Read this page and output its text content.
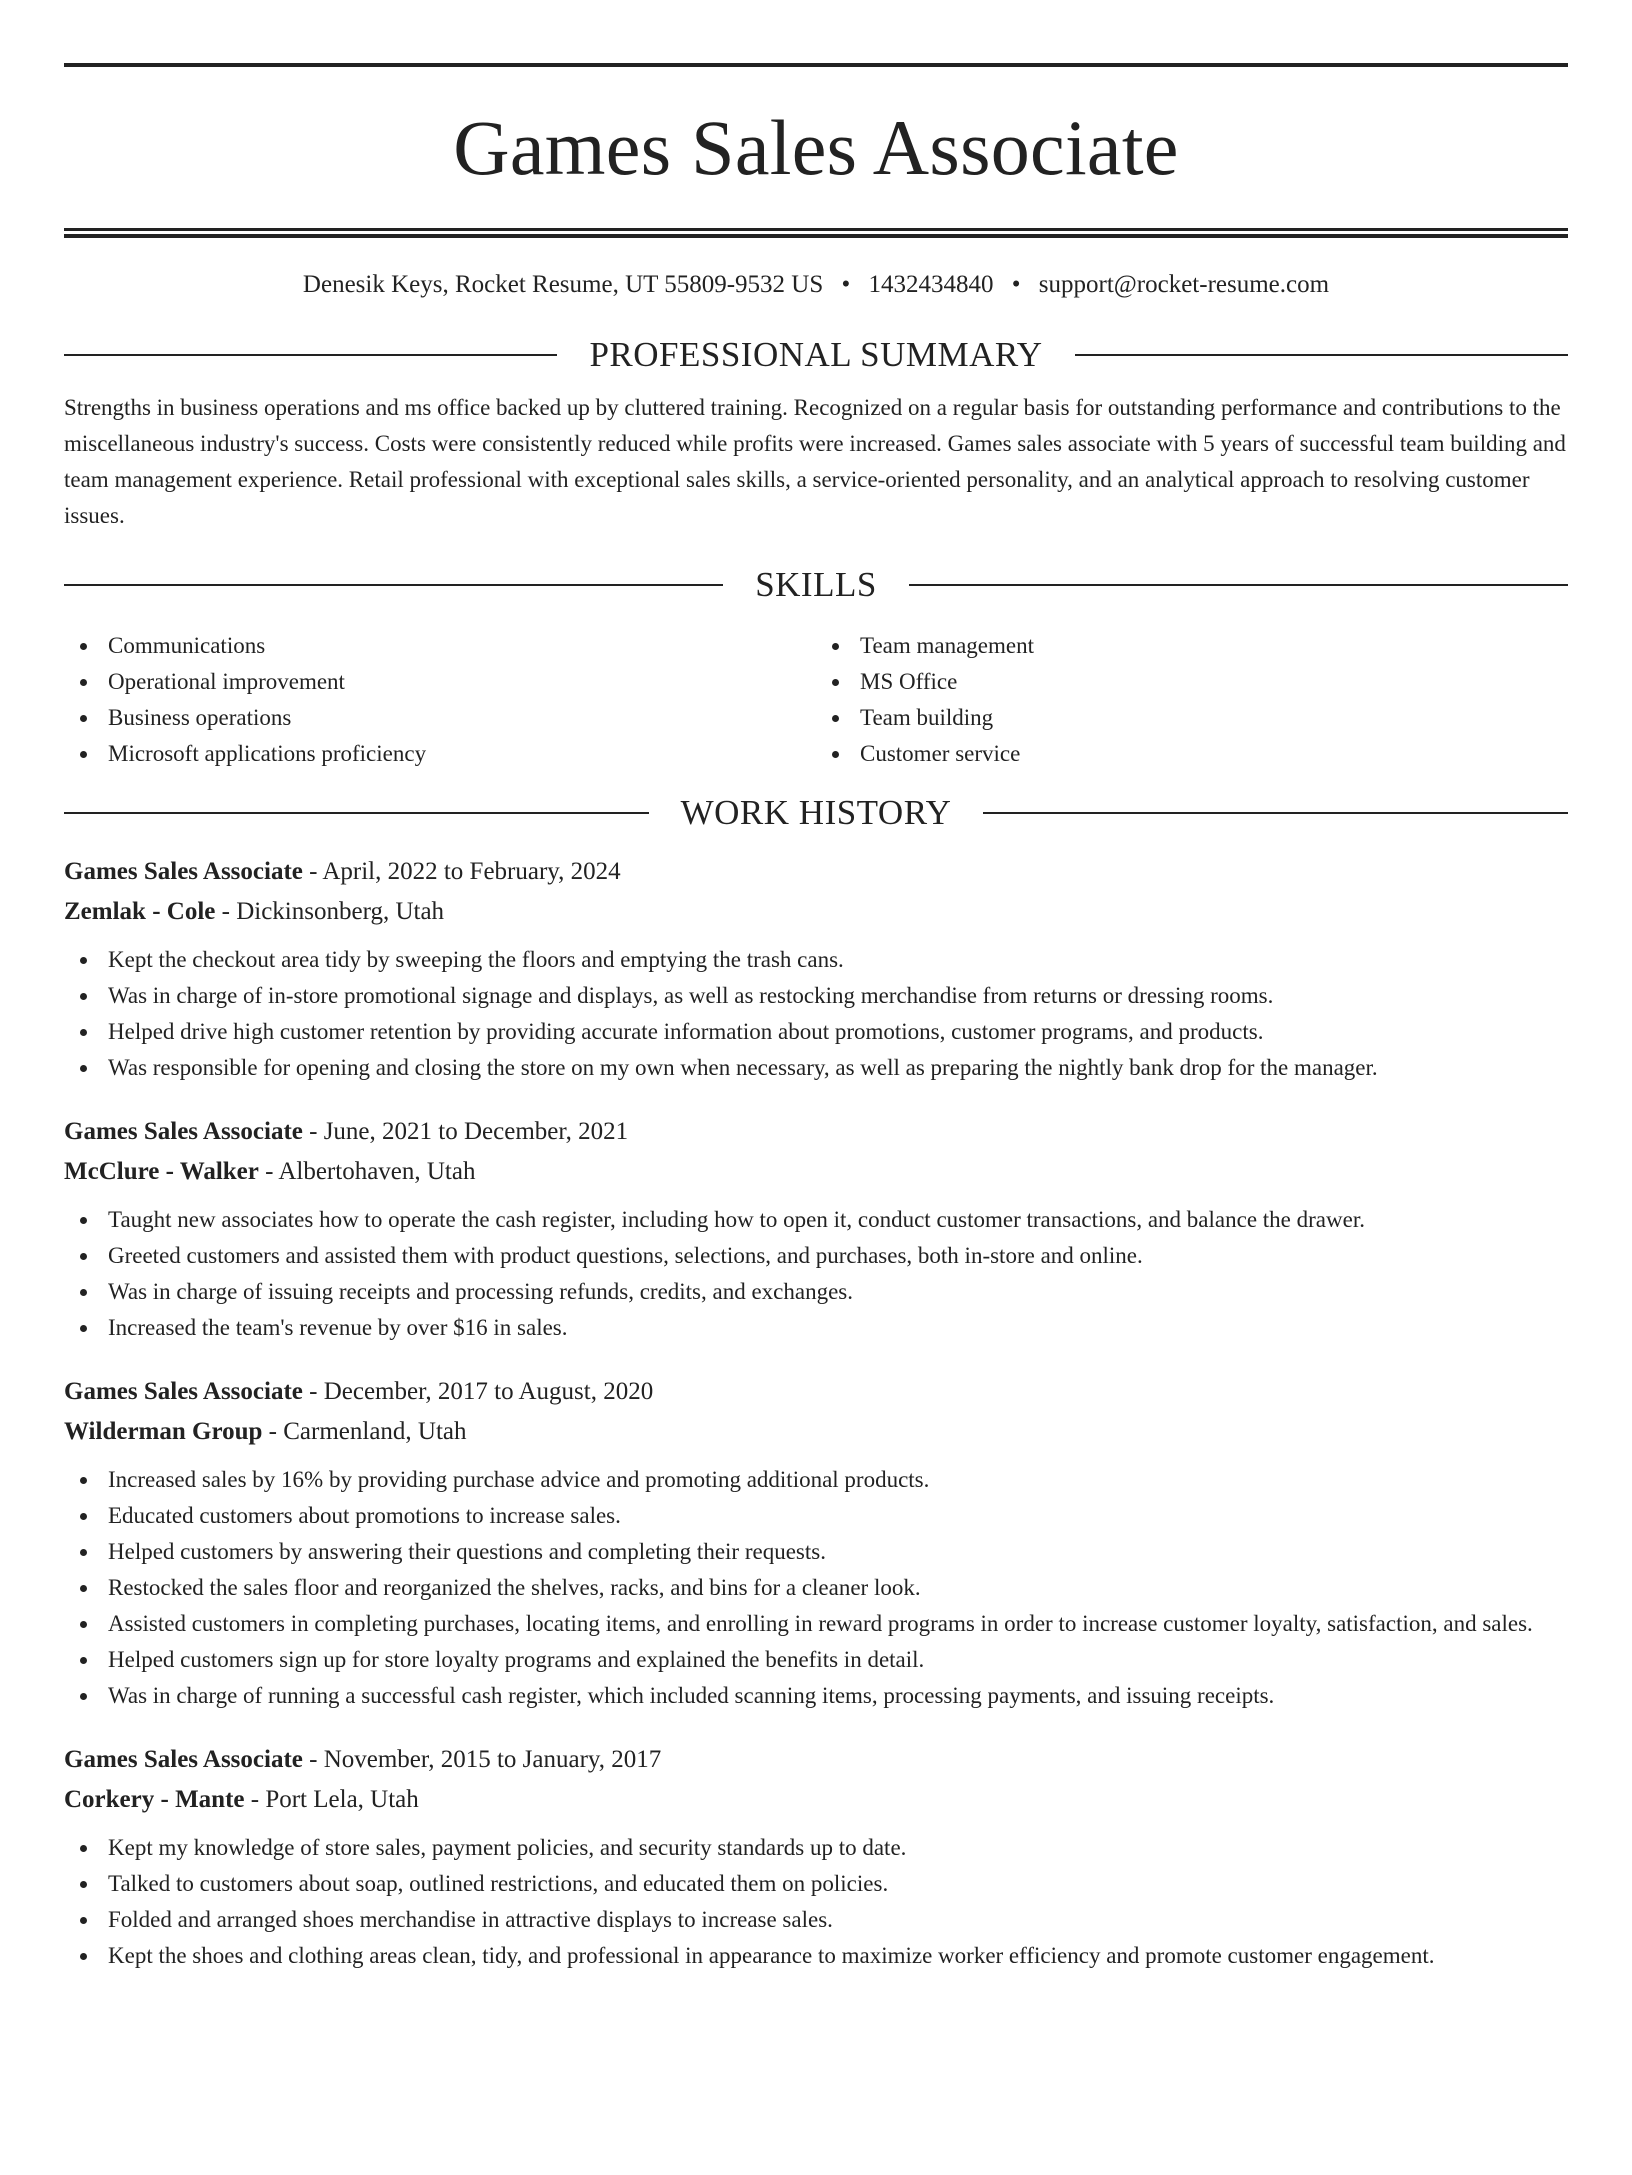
Games Sales Associate
Denesik Keys, Rocket Resume, UT 55809-9532 US • 1432434840 • support@rocket-resume.com
PROFESSIONAL SUMMARY
Strengths in business operations and ms office backed up by cluttered training. Recognized on a regular basis for outstanding performance and contributions to the miscellaneous industry's success. Costs were consistently reduced while profits were increased. Games sales associate with 5 years of successful team building and team management experience. Retail professional with exceptional sales skills, a service-oriented personality, and an analytical approach to resolving customer issues.
SKILLS
Communications
Operational improvement
Business operations
Microsoft applications proficiency
Team management
MS Office
Team building
Customer service
WORK HISTORY
Games Sales Associate - April, 2022 to February, 2024
Zemlak - Cole - Dickinsonberg, Utah
Kept the checkout area tidy by sweeping the floors and emptying the trash cans.
Was in charge of in-store promotional signage and displays, as well as restocking merchandise from returns or dressing rooms.
Helped drive high customer retention by providing accurate information about promotions, customer programs, and products.
Was responsible for opening and closing the store on my own when necessary, as well as preparing the nightly bank drop for the manager.
Games Sales Associate - June, 2021 to December, 2021
McClure - Walker - Albertohaven, Utah
Taught new associates how to operate the cash register, including how to open it, conduct customer transactions, and balance the drawer.
Greeted customers and assisted them with product questions, selections, and purchases, both in-store and online.
Was in charge of issuing receipts and processing refunds, credits, and exchanges.
Increased the team's revenue by over $16 in sales.
Games Sales Associate - December, 2017 to August, 2020
Wilderman Group - Carmenland, Utah
Increased sales by 16% by providing purchase advice and promoting additional products.
Educated customers about promotions to increase sales.
Helped customers by answering their questions and completing their requests.
Restocked the sales floor and reorganized the shelves, racks, and bins for a cleaner look.
Assisted customers in completing purchases, locating items, and enrolling in reward programs in order to increase customer loyalty, satisfaction, and sales.
Helped customers sign up for store loyalty programs and explained the benefits in detail.
Was in charge of running a successful cash register, which included scanning items, processing payments, and issuing receipts.
Games Sales Associate - November, 2015 to January, 2017
Corkery - Mante - Port Lela, Utah
Kept my knowledge of store sales, payment policies, and security standards up to date.
Talked to customers about soap, outlined restrictions, and educated them on policies.
Folded and arranged shoes merchandise in attractive displays to increase sales.
Kept the shoes and clothing areas clean, tidy, and professional in appearance to maximize worker efficiency and promote customer engagement.
